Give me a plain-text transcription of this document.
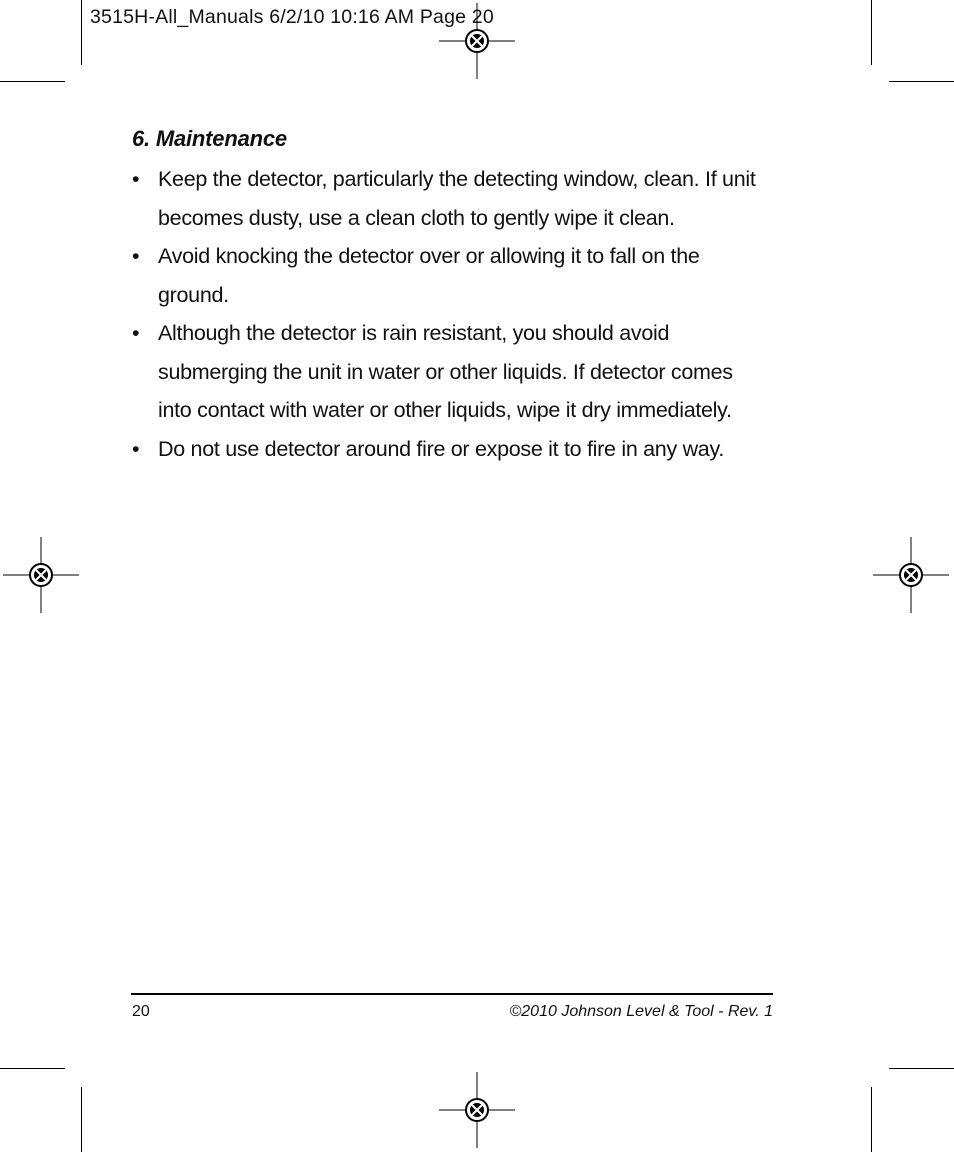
3515H-All_Manuals 6/2/10 10:16 AM Page 20
6. Maintenance
• Keep the detector, particularly the detecting window, clean. If unit
becomes dusty, use a clean cloth to gently wipe it clean.
• Avoid knocking the detector over or allowing it to fall on the
ground.
• Although the detector is rain resistant, you should avoid
submerging the unit in water or other liquids. If detector comes
into contact with water or other liquids, wipe it dry immediately.
• Do not use detector around fire or expose it to fire in any way.
20	©2010 Johnson Level & Tool - Rev. 1
